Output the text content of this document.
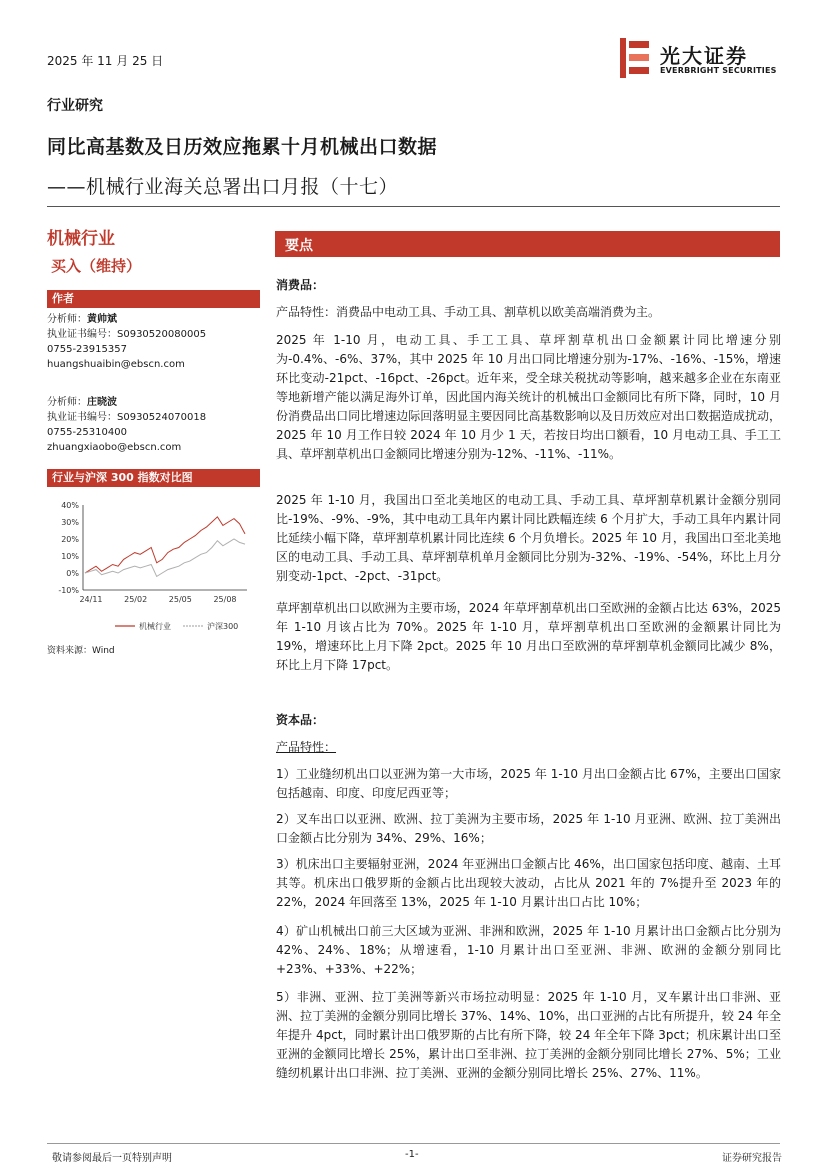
2025 年 11 月 25 日	光大证券
EVERBRIGHT SECURITIES
行业研究
同比高基数及日历效应拖累十月机械出口数据
——机械行业海关总署出口月报（十七）
机械行业
买入（维持）
作者
分析师：黄帅斌
执业证书编号：S0930520080005
0755-23915357
huangshuaibin@ebscn.com
分析师：庄晓波
执业证书编号：S0930524070018
0755-25310400
zhuangxiaobo@ebscn.com
行业与沪深 300 指数对比图
40%
30%
20%
10%
0%
-10%
24/11	25/02	25/05	25/08
机械行业	沪深300
资料来源：Wind
要点
消费品：
产品特性：消费品中电动工具、手动工具、割草机以欧美高端消费为主。
2025 年 1-10 月，电动工具、手工工具、草坪割草机出口金额累计同比增速分别为-0.4%、-6%、37%，其中 2025 年 10 月出口同比增速分别为-17%、-16%、-15%，增速环比变动-21pct、-16pct、-26pct。近年来，受全球关税扰动等影响，越来越多企业在东南亚等地新增产能以满足海外订单，因此国内海关统计的机械出口金额同比有所下降，同时，10 月份消费品出口同比增速边际回落明显主要因同比高基数影响以及日历效应对出口数据造成扰动，2025 年 10 月工作日较 2024 年 10 月少 1 天，若按日均出口额看，10 月电动工具、手工工具、草坪割草机出口金额同比增速分别为-12%、-11%、-11%。
2025 年 1-10 月，我国出口至北美地区的电动工具、手动工具、草坪割草机累计金额分别同比-19%、-9%、-9%，其中电动工具年内累计同比跌幅连续 6 个月扩大，手动工具年内累计同比延续小幅下降，草坪割草机累计同比连续 6 个月负增长。2025 年 10 月，我国出口至北美地区的电动工具、手动工具、草坪割草机单月金额同比分别为-32%、-19%、-54%，环比上月分别变动-1pct、-2pct、-31pct。
草坪割草机出口以欧洲为主要市场，2024 年草坪割草机出口至欧洲的金额占比达 63%，2025 年 1-10 月该占比为 70%。2025 年 1-10 月，草坪割草机出口至欧洲的金额累计同比为 19%，增速环比上月下降 2pct。2025 年 10 月出口至欧洲的草坪割草机金额同比减少 8%，环比上月下降 17pct。
资本品：
产品特性：
1）工业缝纫机出口以亚洲为第一大市场，2025 年 1-10 月出口金额占比 67%，主要出口国家包括越南、印度、印度尼西亚等；
2）叉车出口以亚洲、欧洲、拉丁美洲为主要市场，2025 年 1-10 月亚洲、欧洲、拉丁美洲出口金额占比分别为 34%、29%、16%；
3）机床出口主要辐射亚洲，2024 年亚洲出口金额占比 46%，出口国家包括印度、越南、土耳其等。机床出口俄罗斯的金额占比出现较大波动，占比从 2021 年的 7%提升至 2023 年的 22%，2024 年回落至 13%，2025 年 1-10 月累计出口占比 10%；
4）矿山机械出口前三大区域为亚洲、非洲和欧洲，2025 年 1-10 月累计出口金额占比分别为 42%、24%、18%；从增速看，1-10 月累计出口至亚洲、非洲、欧洲的金额分别同比+23%、+33%、+22%；
5）非洲、亚洲、拉丁美洲等新兴市场拉动明显：2025 年 1-10 月，叉车累计出口非洲、亚洲、拉丁美洲的金额分别同比增长 37%、14%、10%，出口亚洲的占比有所提升，较 24 年全年提升 4pct，同时累计出口俄罗斯的占比有所下降，较 24 年全年下降 3pct；机床累计出口至亚洲的金额同比增长 25%，累计出口至非洲、拉丁美洲的金额分别同比增长 27%、5%；工业缝纫机累计出口非洲、拉丁美洲、亚洲的金额分别同比增长 25%、27%、11%。
敬请参阅最后一页特别声明	-1-	证券研究报告
